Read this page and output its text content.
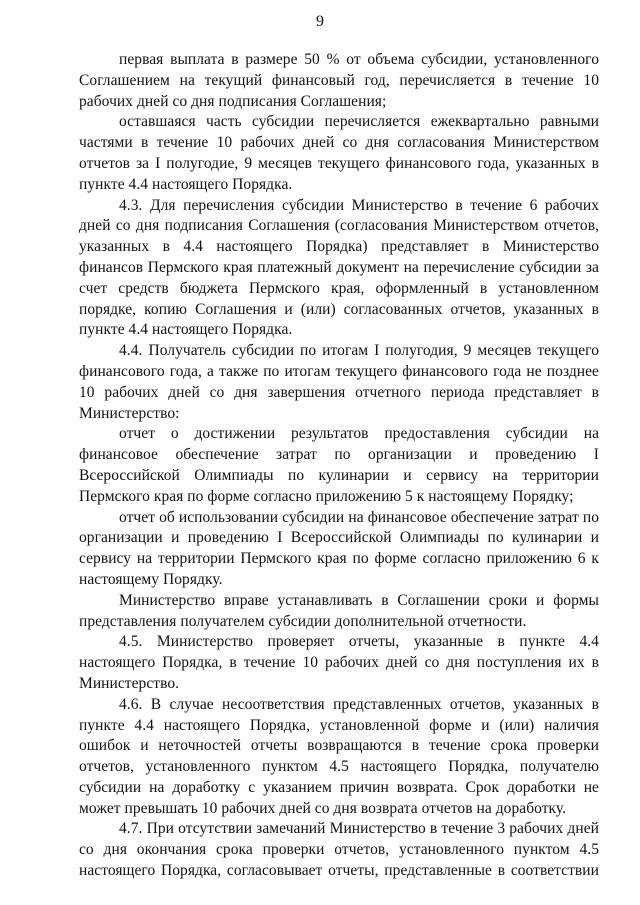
9

первая выплата в размере 50 % от объема субсидии, установленного Соглашением на текущий финансовый год, перечисляется в течение 10 рабочих дней со дня подписания Соглашения;

оставшаяся часть субсидии перечисляется ежеквартально равными частями в течение 10 рабочих дней со дня согласования Министерством отчетов за I полугодие, 9 месяцев текущего финансового года, указанных в пункте 4.4 настоящего Порядка.

4.3. Для перечисления субсидии Министерство в течение 6 рабочих дней со дня подписания Соглашения (согласования Министерством отчетов, указанных в 4.4 настоящего Порядка) представляет в Министерство финансов Пермского края платежный документ на перечисление субсидии за счет средств бюджета Пермского края, оформленный в установленном порядке, копию Соглашения и (или) согласованных отчетов, указанных в пункте 4.4 настоящего Порядка.

4.4. Получатель субсидии по итогам I полугодия, 9 месяцев текущего финансового года, а также по итогам текущего финансового года не позднее 10 рабочих дней со дня завершения отчетного периода представляет в Министерство:

отчет о достижении результатов предоставления субсидии на финансовое обеспечение затрат по организации и проведению I Всероссийской Олимпиады по кулинарии и сервису на территории Пермского края по форме согласно приложению 5 к настоящему Порядку;

отчет об использовании субсидии на финансовое обеспечение затрат по организации и проведению I Всероссийской Олимпиады по кулинарии и сервису на территории Пермского края по форме согласно приложению 6 к настоящему Порядку.

Министерство вправе устанавливать в Соглашении сроки и формы представления получателем субсидии дополнительной отчетности.

4.5. Министерство проверяет отчеты, указанные в пункте 4.4 настоящего Порядка, в течение 10 рабочих дней со дня поступления их в Министерство.

4.6. В случае несоответствия представленных отчетов, указанных в пункте 4.4 настоящего Порядка, установленной форме и (или) наличия ошибок и неточностей отчеты возвращаются в течение срока проверки отчетов, установленного пунктом 4.5 настоящего Порядка, получателю субсидии на доработку с указанием причин возврата. Срок доработки не может превышать 10 рабочих дней со дня возврата отчетов на доработку.

4.7. При отсутствии замечаний Министерство в течение 3 рабочих дней со дня окончания срока проверки отчетов, установленного пунктом 4.5 настоящего Порядка, согласовывает отчеты, представленные в соответствии
